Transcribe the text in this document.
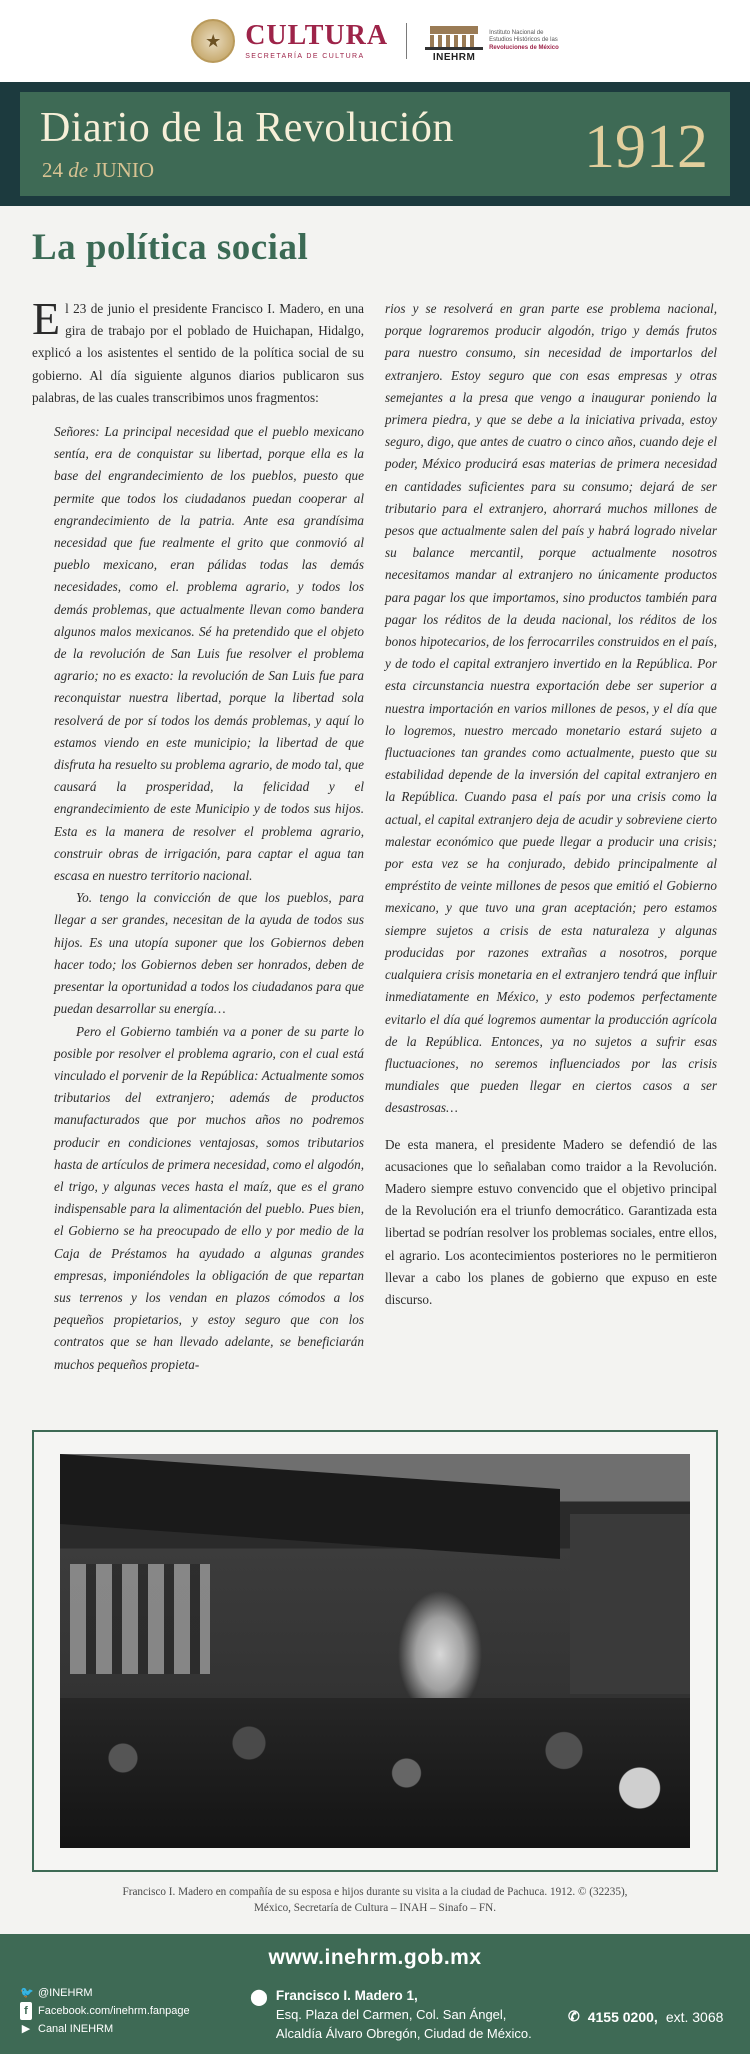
★ CULTURA
SECRETARÍA DE CULTURA	INEHRM
Instituto Nacional de
Estudios Históricos de las
Revoluciones de México
Diario de la Revolución
24 de JUNIO	1912
La política social

El 23 de junio el presidente Francisco I. Madero, en una gira de trabajo por el poblado de Huichapan, Hidalgo, explicó a los asistentes el sentido de la política social de su gobierno. Al día siguiente algunos diarios publicaron sus palabras, de las cuales transcribimos unos fragmentos:

Señores: La principal necesidad que el pueblo mexicano sentía, era de conquistar su libertad, porque ella es la base del engrandecimiento de los pueblos, puesto que permite que todos los ciudadanos puedan cooperar al engrandecimiento de la patria. Ante esa grandísima necesidad que fue realmente el grito que conmovió al pueblo mexicano, eran pálidas todas las demás necesidades, como el. problema agrario, y todos los demás problemas, que actualmente llevan como bandera algunos malos mexicanos. Sé ha pretendido que el objeto de la revolución de San Luis fue resolver el problema agrario; no es exacto: la revolución de San Luis fue para reconquistar nuestra libertad, porque la libertad sola resolverá de por sí todos los demás problemas, y aquí lo estamos viendo en este municipio; la libertad de que disfruta ha resuelto su problema agrario, de modo tal, que causará la prosperidad, la felicidad y el engrandecimiento de este Municipio y de todos sus hijos. Esta es la manera de resolver el problema agrario, construir obras de irrigación, para captar el agua tan escasa en nuestro territorio nacional.

Yo. tengo la convicción de que los pueblos, para llegar a ser grandes, necesitan de la ayuda de todos sus hijos. Es una utopía suponer que los Gobiernos deben hacer todo; los Gobiernos deben ser honrados, deben de presentar la oportunidad a todos los ciudadanos para que puedan desarrollar su energía…

Pero el Gobierno también va a poner de su parte lo posible por resolver el problema agrario, con el cual está vinculado el porvenir de la República: Actualmente somos tributarios del extranjero; además de productos manufacturados que por muchos años no podremos producir en condiciones ventajosas, somos tributarios hasta de artículos de primera necesidad, como el algodón, el trigo, y algunas veces hasta el maíz, que es el grano indispensable para la alimentación del pueblo. Pues bien, el Gobierno se ha preocupado de ello y por medio de la Caja de Préstamos ha ayudado a algunas grandes empresas, imponiéndoles la obligación de que repartan sus terrenos y los vendan en plazos cómodos a los pequeños propietarios, y estoy seguro que con los contratos que se han llevado adelante, se beneficiarán muchos pequeños propieta-

rios y se resolverá en gran parte ese problema nacional, porque lograremos producir algodón, trigo y demás frutos para nuestro consumo, sin necesidad de importarlos del extranjero. Estoy seguro que con esas empresas y otras semejantes a la presa que vengo a inaugurar poniendo la primera piedra, y que se debe a la iniciativa privada, estoy seguro, digo, que antes de cuatro o cinco años, cuando deje el poder, México producirá esas materias de primera necesidad en cantidades suficientes para su consumo; dejará de ser tributario para el extranjero, ahorrará muchos millones de pesos que actualmente salen del país y habrá logrado nivelar su balance mercantil, porque actualmente nosotros necesitamos mandar al extranjero no únicamente productos para pagar los que importamos, sino productos también para pagar los réditos de la deuda nacional, los réditos de los bonos hipotecarios, de los ferrocarriles construidos en el país, y de todo el capital extranjero invertido en la República. Por esta circunstancia nuestra exportación debe ser superior a nuestra importación en varios millones de pesos, y el día que lo logremos, nuestro mercado monetario estará sujeto a fluctuaciones tan grandes como actualmente, puesto que su estabilidad depende de la inversión del capital extranjero en la República. Cuando pasa el país por una crisis como la actual, el capital extranjero deja de acudir y sobreviene cierto malestar económico que puede llegar a producir una crisis; por esta vez se ha conjurado, debido principalmente al empréstito de veinte millones de pesos que emitió el Gobierno mexicano, y que tuvo una gran aceptación; pero estamos siempre sujetos a crisis de esta naturaleza y algunas producidas por razones extrañas a nosotros, porque cualquiera crisis monetaria en el extranjero tendrá que influir inmediatamente en México, y esto podemos perfectamente evitarlo el día qué logremos aumentar la producción agrícola de la República. Entonces, ya no sujetos a sufrir esas fluctuaciones, no seremos influenciados por las crisis mundiales que pueden llegar en ciertos casos a ser desastrosas…

De esta manera, el presidente Madero se defendió de las acusaciones que lo señalaban como traidor a la Revolución. Madero siempre estuvo convencido que el objetivo principal de la Revolución era el triunfo democrático. Garantizada esta libertad se podrían resolver los problemas sociales, entre ellos, el agrario. Los acontecimientos posteriores no le permitieron llevar a cabo los planes de gobierno que expuso en este discurso.

Francisco I. Madero en compañía de su esposa e hijos durante su visita a la ciudad de Pachuca. 1912. © (32235),
México, Secretaría de Cultura – INAH – Sinafo – FN.
www.inehrm.gob.mx
🐦 @INEHRM
f Facebook.com/inehrm.fanpage
▶ Canal INEHRM
⬤ Francisco I. Madero 1,
Esq. Plaza del Carmen, Col. San Ángel,
Alcaldía Álvaro Obregón, Ciudad de México.
✆ 4155 0200, ext. 3068
